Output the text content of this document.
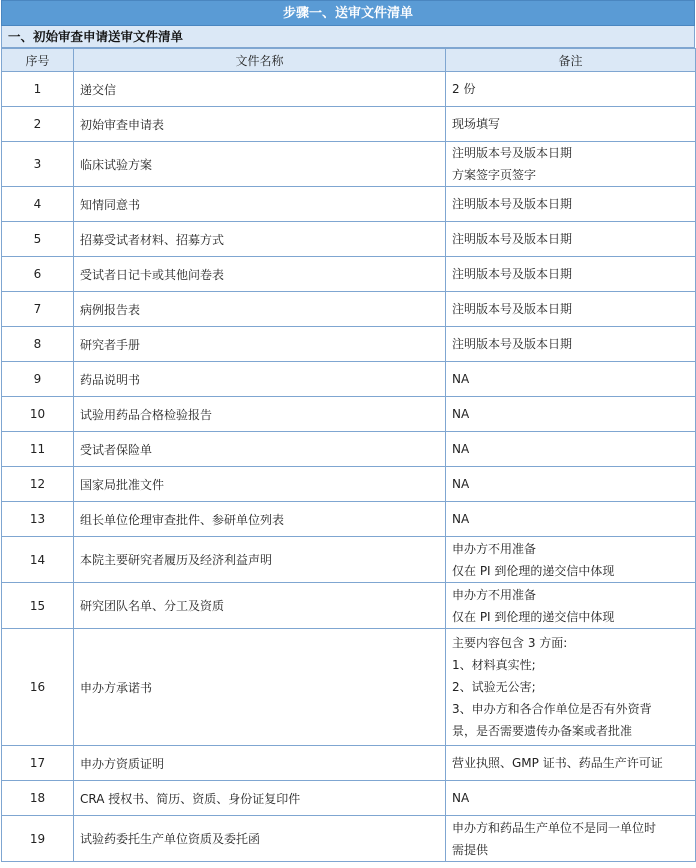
步骤一、送审文件清单
一、初始审查申请送审文件清单
序号	文件名称	备注
1	递交信	2 份

2	初始审查申请表	现场填写

3	临床试验方案	注明版本号及版本日期
方案签字页签字

4	知情同意书	注明版本号及版本日期

5	招募受试者材料、招募方式	注明版本号及版本日期

6	受试者日记卡或其他问卷表	注明版本号及版本日期

7	病例报告表	注明版本号及版本日期

8	研究者手册	注明版本号及版本日期

9	药品说明书	NA

10	试验用药品合格检验报告	NA

11	受试者保险单	NA

12	国家局批准文件	NA

13	组长单位伦理审查批件、参研单位列表	NA

14	本院主要研究者履历及经济利益声明	申办方不用准备
仅在 PI 到伦理的递交信中体现

15	研究团队名单、分工及资质	申办方不用准备
仅在 PI 到伦理的递交信中体现

16	申办方承诺书	主要内容包含 3 方面:
1、材料真实性;
2、试验无公害;
3、申办方和各合作单位是否有外资背
景，是否需要遗传办备案或者批准

17	申办方资质证明	营业执照、GMP 证书、药品生产许可证

18	CRA 授权书、简历、资质、身份证复印件	NA

19	试验药委托生产单位资质及委托函	申办方和药品生产单位不是同一单位时
需提供
